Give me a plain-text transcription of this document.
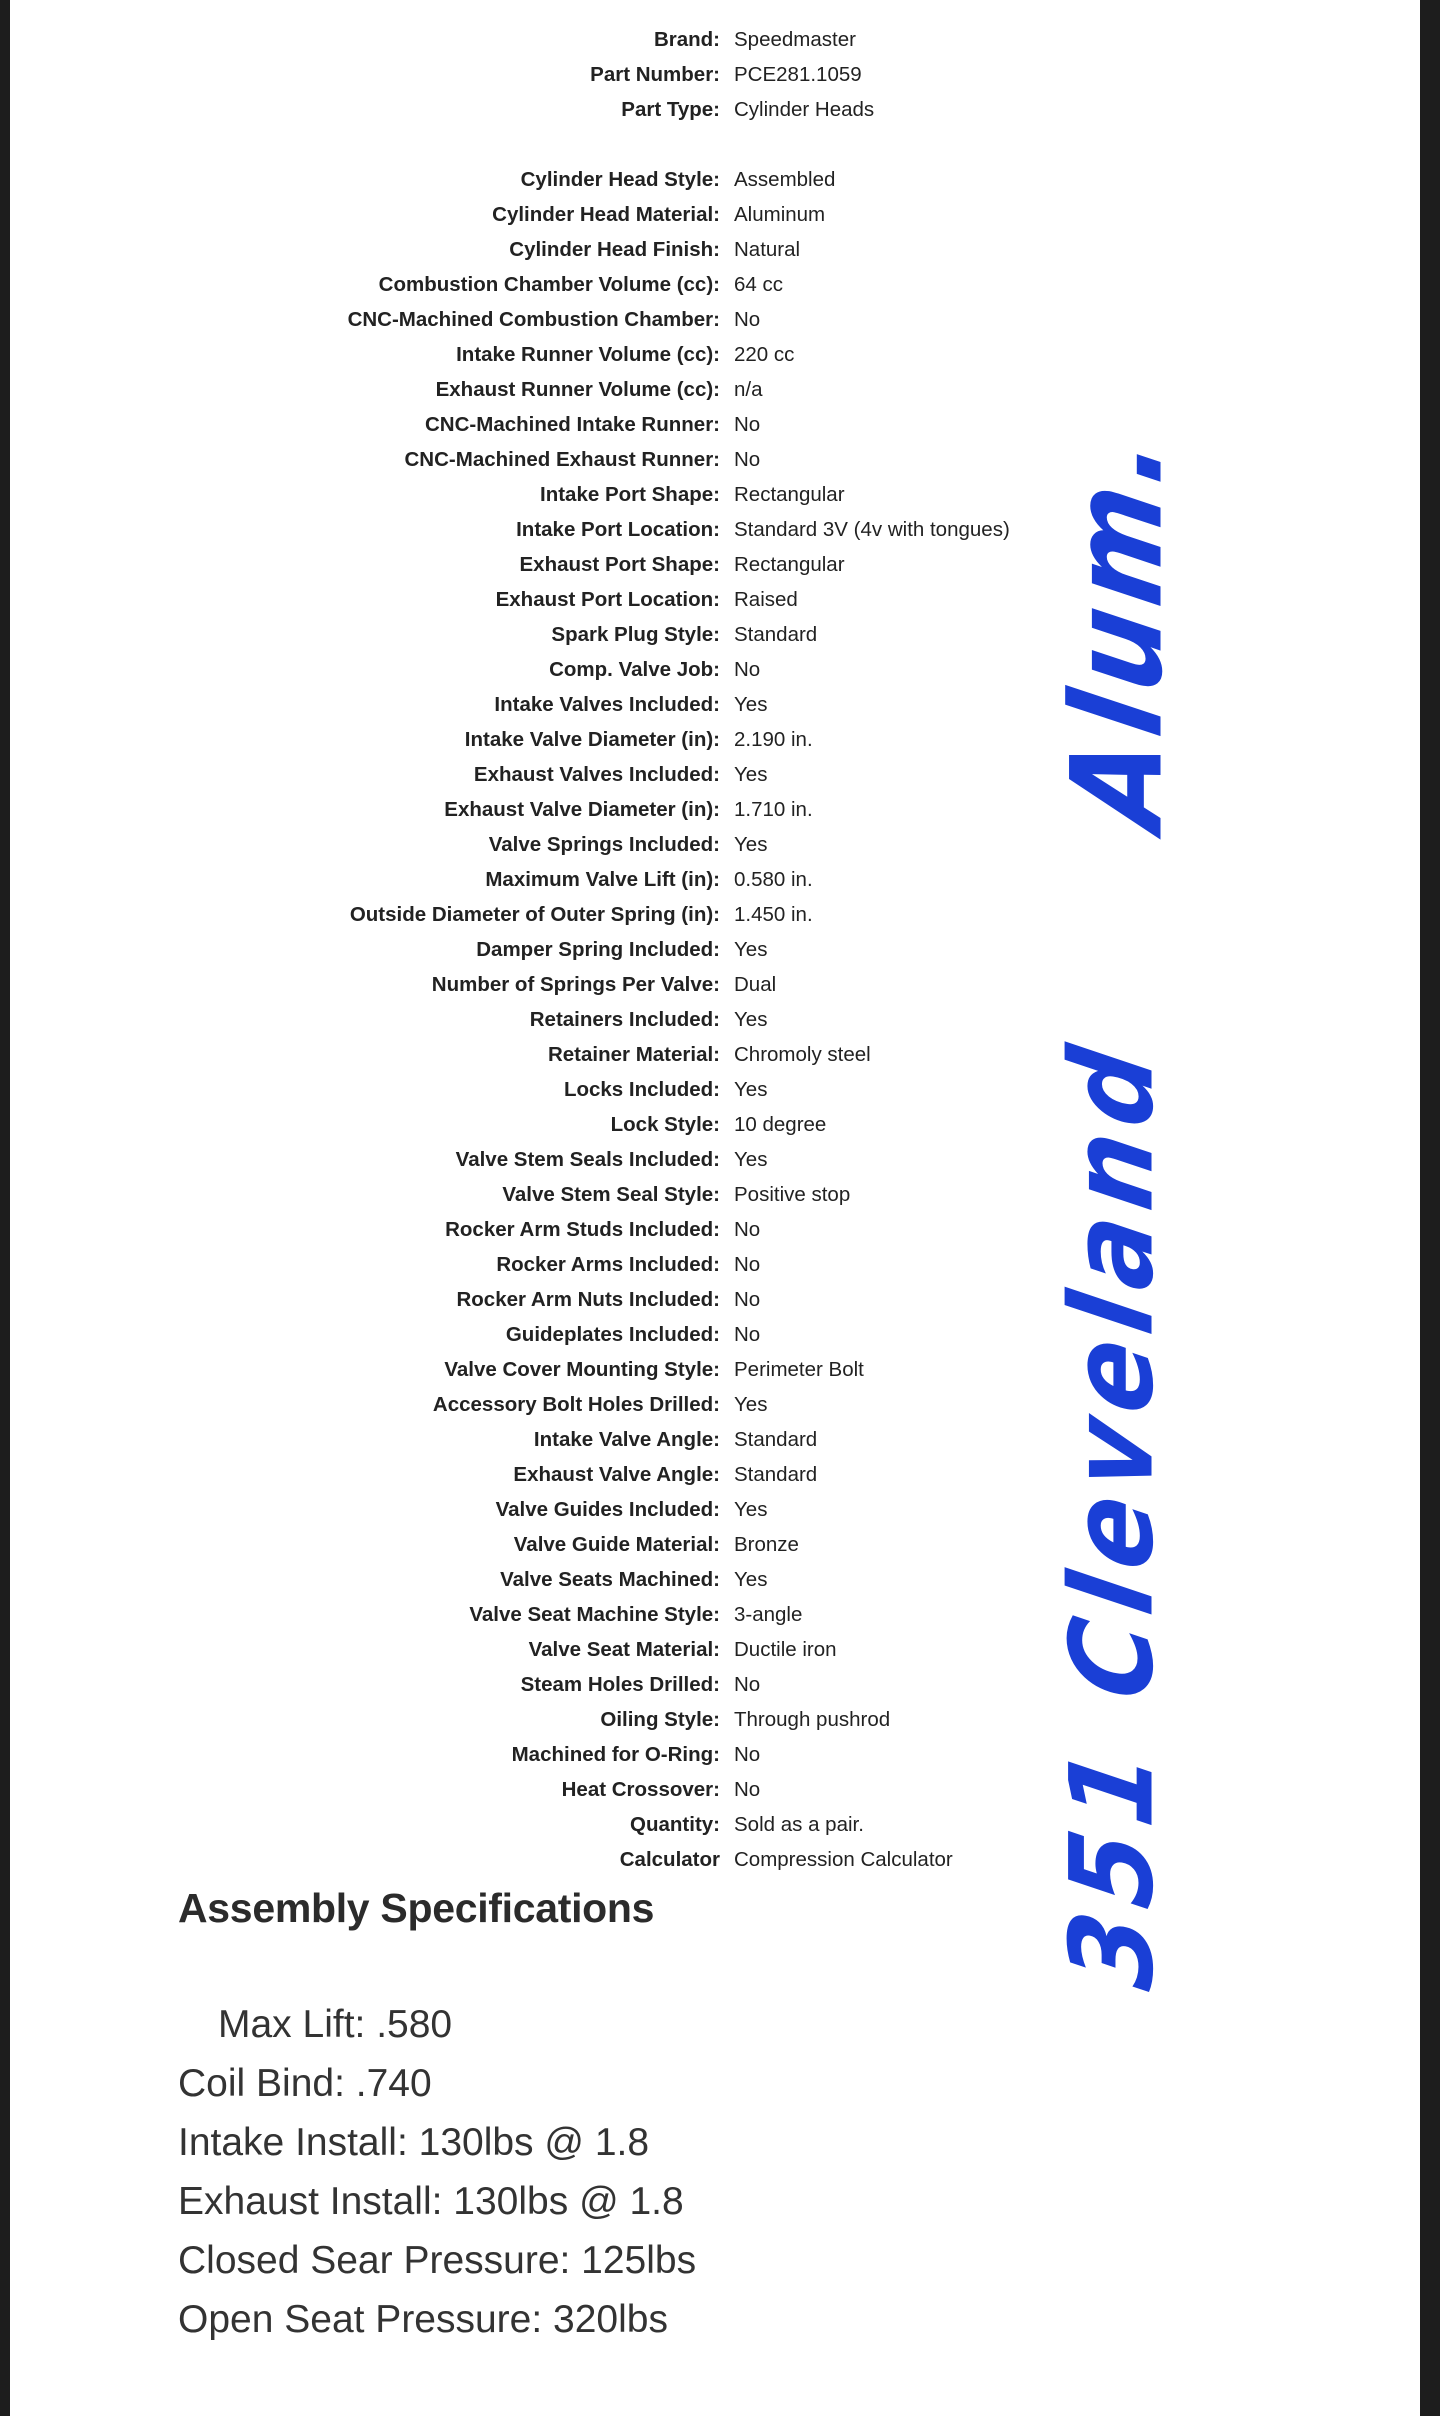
Brand:	Speedmaster
Part Number:	PCE281.1059
Part Type:	Cylinder Heads

Cylinder Head Style:	Assembled
Cylinder Head Material:	Aluminum
Cylinder Head Finish:	Natural
Combustion Chamber Volume (cc):	64 cc
CNC-Machined Combustion Chamber:	No
Intake Runner Volume (cc):	220 cc
Exhaust Runner Volume (cc):	n/a
CNC-Machined Intake Runner:	No
CNC-Machined Exhaust Runner:	No
Intake Port Shape:	Rectangular
Intake Port Location:	Standard 3V (4v with tongues)
Exhaust Port Shape:	Rectangular
Exhaust Port Location:	Raised
Spark Plug Style:	Standard
Comp. Valve Job:	No
Intake Valves Included:	Yes
Intake Valve Diameter (in):	2.190 in.
Exhaust Valves Included:	Yes
Exhaust Valve Diameter (in):	1.710 in.
Valve Springs Included:	Yes
Maximum Valve Lift (in):	0.580 in.
Outside Diameter of Outer Spring (in):	1.450 in.
Damper Spring Included:	Yes
Number of Springs Per Valve:	Dual
Retainers Included:	Yes
Retainer Material:	Chromoly steel
Locks Included:	Yes
Lock Style:	10 degree
Valve Stem Seals Included:	Yes
Valve Stem Seal Style:	Positive stop
Rocker Arm Studs Included:	No
Rocker Arms Included:	No
Rocker Arm Nuts Included:	No
Guideplates Included:	No
Valve Cover Mounting Style:	Perimeter Bolt
Accessory Bolt Holes Drilled:	Yes
Intake Valve Angle:	Standard
Exhaust Valve Angle:	Standard
Valve Guides Included:	Yes
Valve Guide Material:	Bronze
Valve Seats Machined:	Yes
Valve Seat Machine Style:	3-angle
Valve Seat Material:	Ductile iron
Steam Holes Drilled:	No
Oiling Style:	Through pushrod
Machined for O-Ring:	No
Heat Crossover:	No
Quantity:	Sold as a pair.
Calculator	Compression Calculator
Assembly Specifications
Max Lift: .580
Coil Bind: .740
Intake Install: 130lbs @ 1.8
Exhaust Install: 130lbs @ 1.8
Closed Sear Pressure: 125lbs
Open Seat Pressure: 320lbs
Alum.
351 Cleveland
